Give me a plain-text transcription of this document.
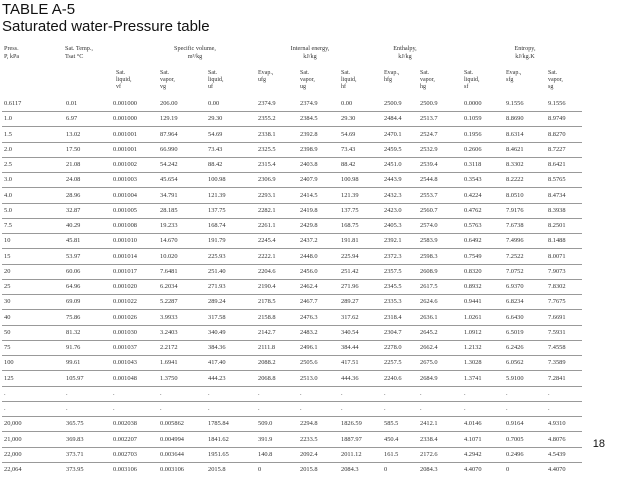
TABLE A-5
Saturated water-Pressure table
Press.
P, kPa
Sat. Temp.,
Tsat °C
Specific volume,
m³/kg
Internal energy,
kJ/kg
Enthalpy,
kJ/kg
Entropy,
kJ/kg.K
Sat.
liquid,
vf
Sat.
vapor,
vg
Sat.
liquid,
uf
Evap.,
ufg
Sat.
vapor,
ug
Sat.
liquid,
hf
Evap.,
hfg
Sat.
vapor,
hg
Sat.
liquid,
sf
Evap.,
sfg
Sat.
vapor,
sg
0.6117	0.01	0.001000	206.00	0.00	2374.9	2374.9	0.00	2500.9	2500.9	0.0000	9.1556	9.1556
1.0	6.97	0.001000	129.19	29.30	2355.2	2384.5	29.30	2484.4	2513.7	0.1059	8.8690	8.9749
1.5	13.02	0.001001	87.964	54.69	2338.1	2392.8	54.69	2470.1	2524.7	0.1956	8.6314	8.8270
2.0	17.50	0.001001	66.990	73.43	2325.5	2398.9	73.43	2459.5	2532.9	0.2606	8.4621	8.7227
2.5	21.08	0.001002	54.242	88.42	2315.4	2403.8	88.42	2451.0	2539.4	0.3118	8.3302	8.6421
3.0	24.08	0.001003	45.654	100.98	2306.9	2407.9	100.98	2443.9	2544.8	0.3543	8.2222	8.5765
4.0	28.96	0.001004	34.791	121.39	2293.1	2414.5	121.39	2432.3	2553.7	0.4224	8.0510	8.4734
5.0	32.87	0.001005	28.185	137.75	2282.1	2419.8	137.75	2423.0	2560.7	0.4762	7.9176	8.3938
7.5	40.29	0.001008	19.233	168.74	2261.1	2429.8	168.75	2405.3	2574.0	0.5763	7.6738	8.2501
10	45.81	0.001010	14.670	191.79	2245.4	2437.2	191.81	2392.1	2583.9	0.6492	7.4996	8.1488
15	53.97	0.001014	10.020	225.93	2222.1	2448.0	225.94	2372.3	2598.3	0.7549	7.2522	8.0071
20	60.06	0.001017	7.6481	251.40	2204.6	2456.0	251.42	2357.5	2608.9	0.8320	7.0752	7.9073
25	64.96	0.001020	6.2034	271.93	2190.4	2462.4	271.96	2345.5	2617.5	0.8932	6.9370	7.8302
30	69.09	0.001022	5.2287	289.24	2178.5	2467.7	289.27	2335.3	2624.6	0.9441	6.8234	7.7675
40	75.86	0.001026	3.9933	317.58	2158.8	2476.3	317.62	2318.4	2636.1	1.0261	6.6430	7.6691
50	81.32	0.001030	3.2403	340.49	2142.7	2483.2	340.54	2304.7	2645.2	1.0912	6.5019	7.5931
75	91.76	0.001037	2.2172	384.36	2111.8	2496.1	384.44	2278.0	2662.4	1.2132	6.2426	7.4558
100	99.61	0.001043	1.6941	417.40	2088.2	2505.6	417.51	2257.5	2675.0	1.3028	6.0562	7.3589
125	105.97	0.001048	1.3750	444.23	2068.8	2513.0	444.36	2240.6	2684.9	1.3741	5.9100	7.2841
.	.	.	.	.	.	.	.	.	.	.	.	.
.	.	.	.	.	.	.	.	.	.	.	.	.
20,000	365.75	0.002038	0.005862	1785.84	509.0	2294.8	1826.59	585.5	2412.1	4.0146	0.9164	4.9310
21,000	369.83	0.002207	0.004994	1841.62	391.9	2233.5	1887.97	450.4	2338.4	4.1071	0.7005	4.8076
22,000	373.71	0.002703	0.003644	1951.65	140.8	2092.4	2011.12	161.5	2172.6	4.2942	0.2496	4.5439
22,064	373.95	0.003106	0.003106	2015.8	0	2015.8	2084.3	0	2084.3	4.4070	0	4.4070
18
